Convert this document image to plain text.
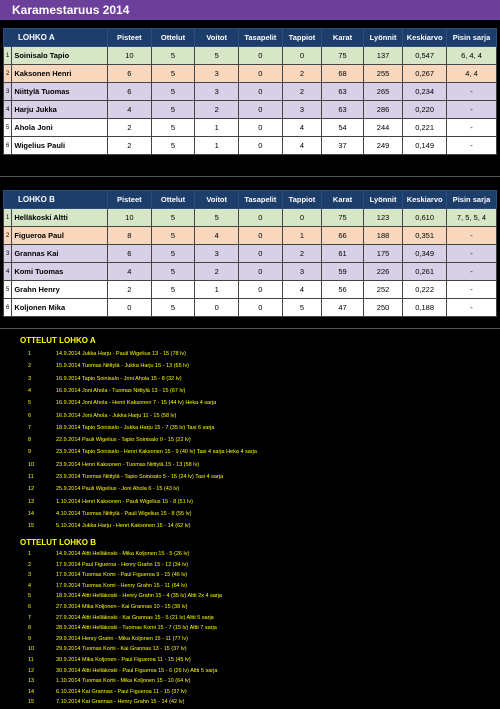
Karamestaruus 2014
LOHKO A		Pisteet	Ottelut	Voitot	Tasapelit	Tappiot	Karat	Lyönnit	Keskiarvo	Pisin sarja
1	Soinisalo Tapio	10	5	5	0	0	75	137	0,547	6, 4, 4
2	Kaksonen Henri	6	5	3	0	2	68	255	0,267	4, 4
3	Niittylä Tuomas	6	5	3	0	2	63	265	0,234	-
4	Harju Jukka	4	5	2	0	3	63	286	0,220	-
5	Ahola Joni	2	5	1	0	4	54	244	0,221	-
6	Wigelius Pauli	2	5	1	0	4	37	249	0,149	-
LOHKO B		Pisteet	Ottelut	Voitot	Tasapelit	Tappiot	Karat	Lyönnit	Keskiarvo	Pisin sarja
1	Helläkoski Altti	10	5	5	0	0	75	123	0,610	7, 5, 5, 4
2	Figueroa Paul	8	5	4	0	1	66	188	0,351	-
3	Grannas Kai	6	5	3	0	2	61	175	0,349	-
4	Komi Tuomas	4	5	2	0	3	59	226	0,261	-
5	Grahn Henry	2	5	1	0	4	56	252	0,222	-
6	Koljonen Mika	0	5	0	0	5	47	250	0,188	-
OTTELUT LOHKO A
1	14.9.2014 Jukka Harju - Pauli Wigelius 13 - 15 (78 lv)
2	15.9.2014 Tuomas Niittylä - Jukka Harju 15 - 13 (65 lv)
3	16.9.2014 Tapio Soinisalo - Joni Ahola 15 - 8 (32 lv)
4	16.9.2014 Joni Ahola - Tuomas Niittylä 13 - 15 (67 lv)
5	16.9.2014 Joni Ahola - Henri Kaksonen 7 - 15 (44 lv) Heka 4 sarja
6	16.9.2014 Joni Ahola - Jukka Harju 11 - 15 (58 lv)
7	18.9.2014 Tapio Soinisalo - Jukka Harju 15 - 7 (35 lv) Tasi 6 sarja
8	22.9.2014 Pauli Wigelius - Tapio Soinisalo 0 - 15 (22 lv)
9	23.9.2014 Tapio Soinisalo - Henri Kaksonen 15 - 9 (40 lv) Tasi 4 sarja Heka 4 sarja
10	23.9.2014 Henri Kaksonen - Tuomas Niittylä 15 - 13 (58 lv)
11	23.9.2014 Tuomas Niittylä - Tapio Soinisalo 5 - 15 (24 lv) Tasi 4 sarja
12	25.9.2014 Pauli Wigelius - Joni Ahola 6 - 15 (43 lv)
13	1.10.2014 Henri Kaksonen - Pauli Wigelius 15 - 8 (51 lv)
14	4.10.2014 Tuomas Niittylä - Pauli Wigelius 15 - 8 (55 lv)
15	5.10.2014 Jukka Harju - Henri Kaksonen 15 - 14 (62 lv)
OTTELUT LOHKO B
1	14.9.2014 Altti Helläkoski - Mika Koljonen 15 - 5 (26 lv)
2	17.9.2014 Paul Figueroa - Henry Grahn 15 - 12 (34 lv)
3	17.9.2014 Tuomas Komi - Paul Figueroa 9 - 15 (46 lv)
4	17.9.2014 Tuomas Komi - Henry Grahn 15 - 11 (64 lv)
5	18.9.2014 Altti Helläkoski - Henry Grahn 15 - 4 (35 lv) Altti 2x 4 sarja
6	27.9.2014 Mika Koljonen - Kai Grannas 10 - 15 (38 lv)
7	27.9.2014 Altti Helläkoski - Kai Grannas 15 - 5 (21 lv) Altti 5 sarja
8	28.9.2014 Altti Helläkoski - Tuomas Komi 15 - 7 (15 lv) Altti 7 sarja
9	29.9.2014 Henry Grahn - Mika Koljonen 15 - 11 (77 lv)
10	29.9.2014 Tuomas Komi - Kai Grannas 13 - 15 (37 lv)
11	30.9.2014 Mika Koljonen - Paul Figueroa 11 - 15 (45 lv)
12	30.9.2014 Altti Helläkoski - Paul Figueroa 15 - 6 (26 lv) Altti 5 sarja
13	1.10.2014 Tuomas Komi - Mika Koljonen 15 - 10 (64 lv)
14	6.10.2014 Kai Grannas - Paul Figueroa 11 - 15 (37 lv)
15	7.10.2014 Kai Grannas - Henry Grahn 15 - 14 (42 lv)
